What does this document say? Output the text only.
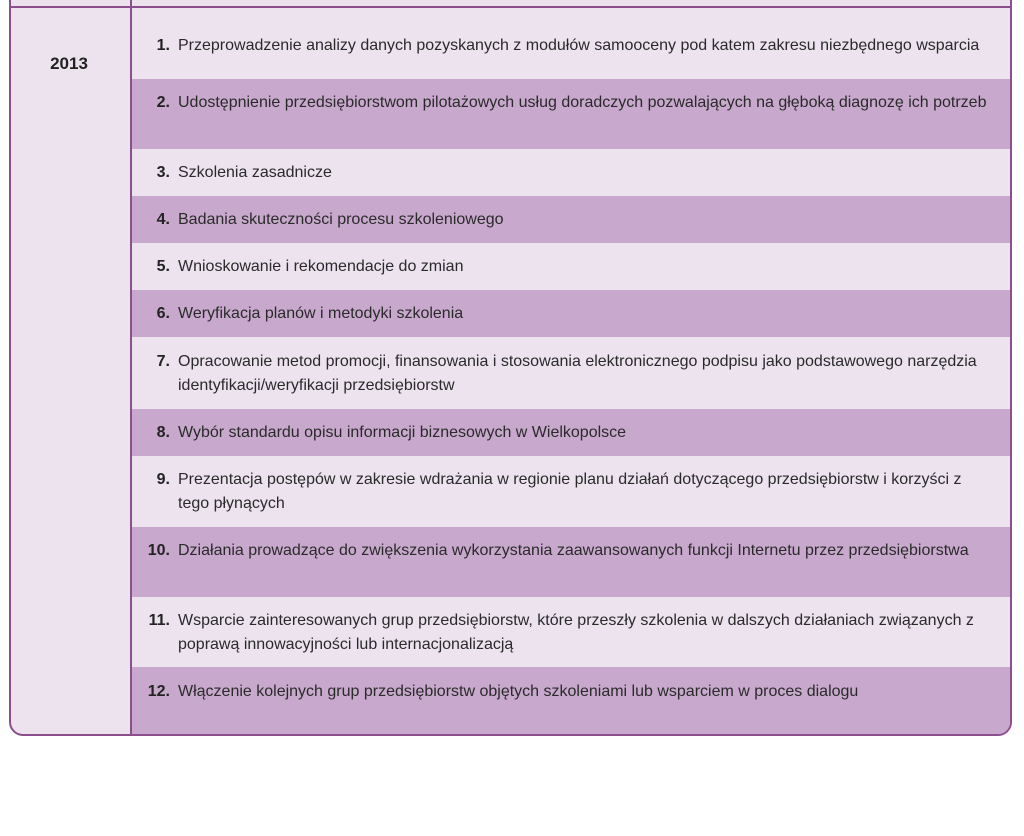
2013
1. Przeprowadzenie analizy danych pozyskanych z modułów samooceny pod katem zakresu niezbędnego wsparcia
2. Udostępnienie przedsiębiorstwom pilotażowych usług doradczych pozwalających na głęboką diagnozę ich potrzeb
3. Szkolenia zasadnicze
4. Badania skuteczności procesu szkoleniowego
5. Wnioskowanie i rekomendacje do zmian
6. Weryfikacja planów i metodyki szkolenia
7. Opracowanie metod promocji, finansowania i stosowania elektronicznego podpisu jako podstawowego narzędzia identyfikacji/weryfikacji przedsiębiorstw
8. Wybór standardu opisu informacji biznesowych w Wielkopolsce
9. Prezentacja postępów w zakresie wdrażania w regionie planu działań dotyczącego przedsiębiorstw i korzyści z tego płynących
10. Działania prowadzące do zwiększenia wykorzystania zaawansowanych funkcji Internetu przez przedsiębiorstwa
11. Wsparcie zainteresowanych grup przedsiębiorstw, które przeszły szkolenia w dalszych działaniach związanych z poprawą innowacyjności lub internacjonalizacją
12. Włączenie kolejnych grup przedsiębiorstw objętych szkoleniami lub wsparciem w proces dialogu
